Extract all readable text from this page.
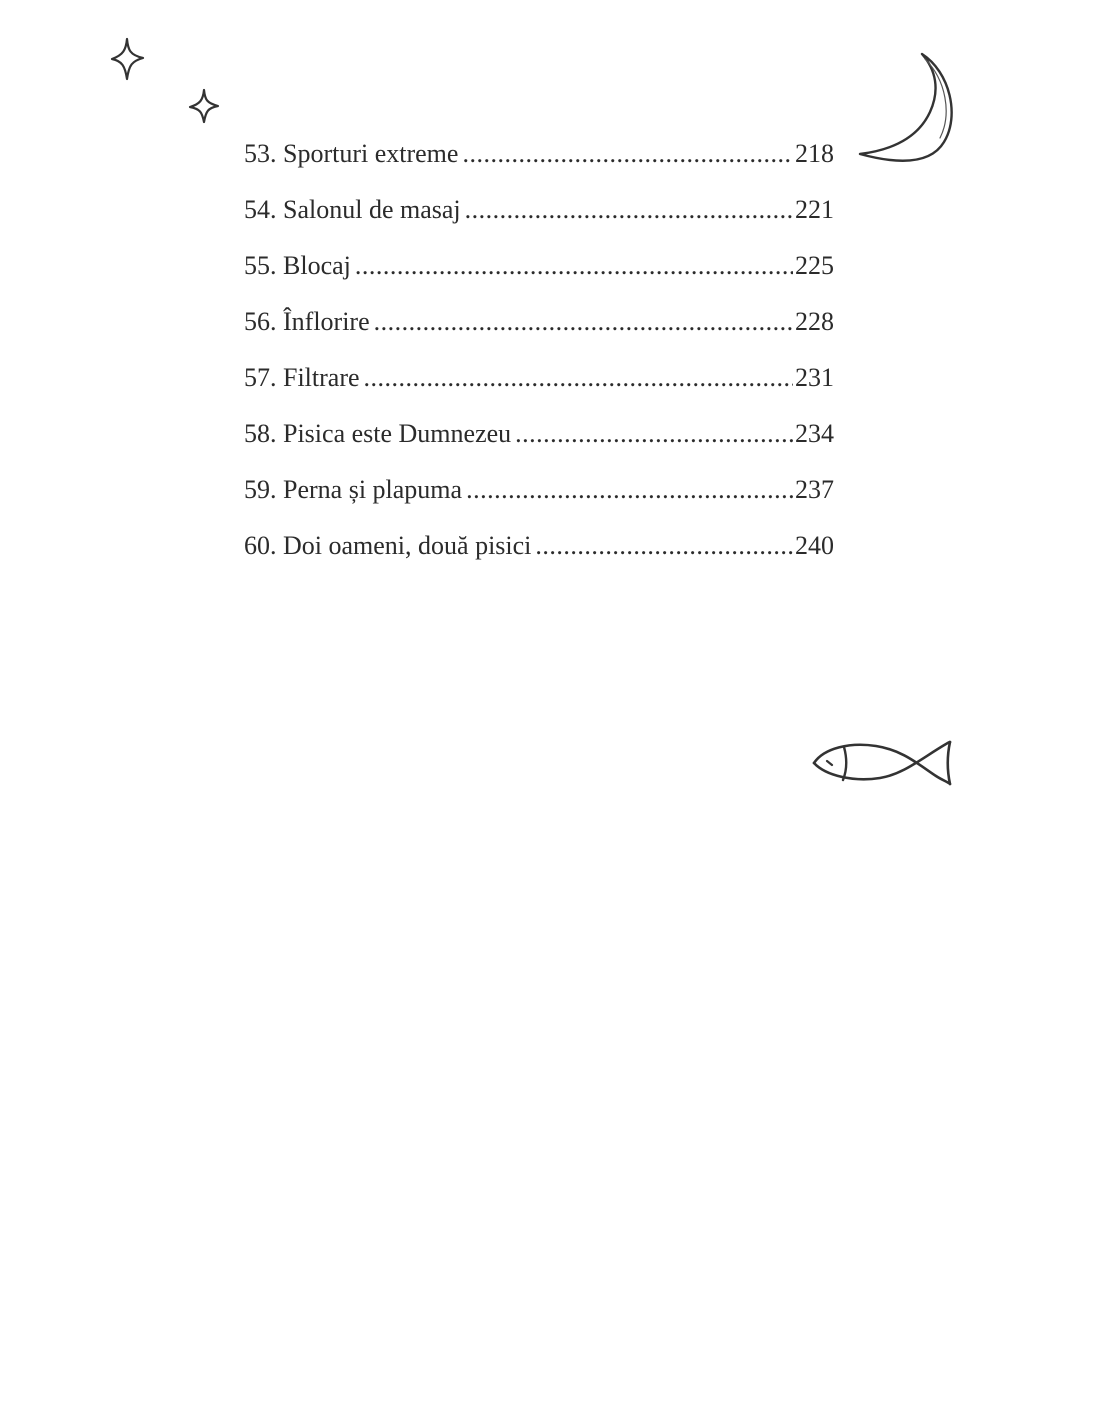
53. Sporturi extreme .....	218
54. Salonul de masaj .....	221
55. Blocaj .....	225
56. Înflorire .....	228
57. Filtrare .....	231
58. Pisica este Dumnezeu .....	234
59. Perna și plapuma .....	237
60. Doi oameni, două pisici .....	240
